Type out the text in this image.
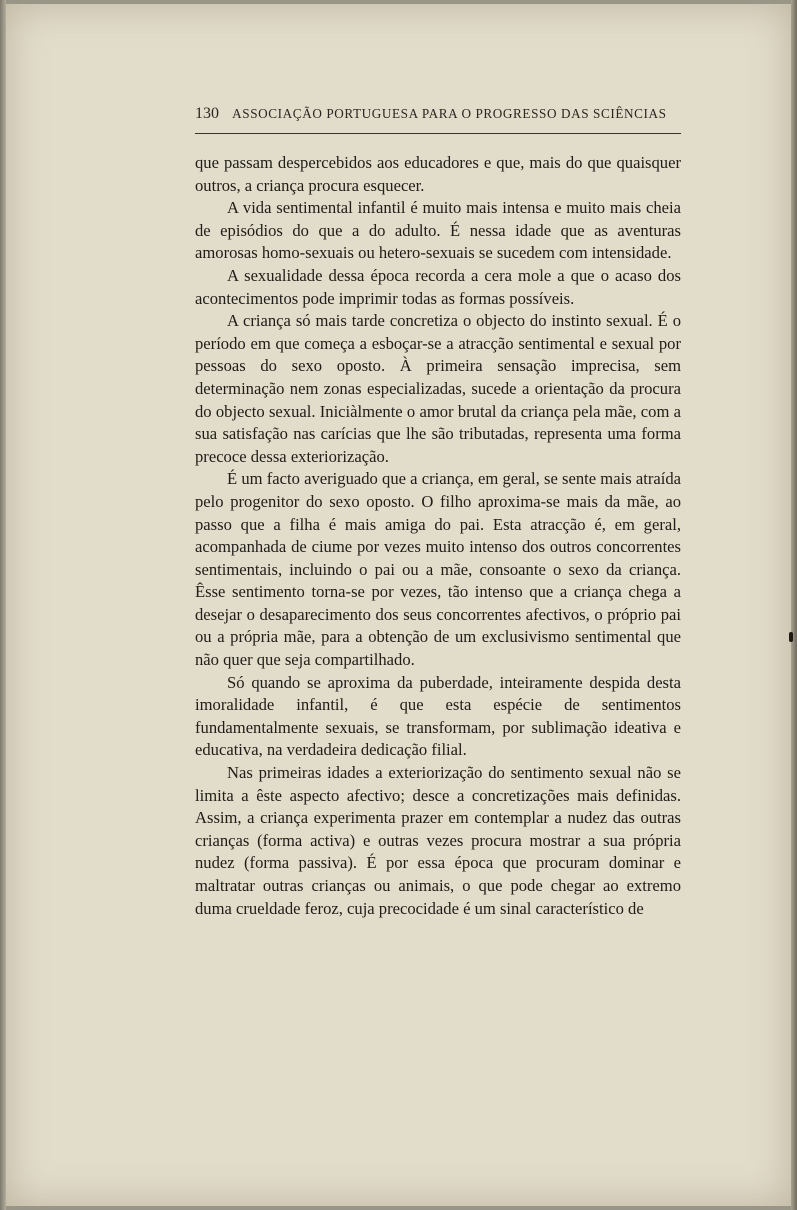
130 ASSOCIAÇÃO PORTUGUESA PARA O PROGRESSO DAS SCIÊNCIAS

que passam despercebidos aos educadores e que, mais do que quaisquer outros, a criança procura esquecer.

A vida sentimental infantil é muito mais intensa e muito mais cheia de episódios do que a do adulto. É nessa idade que as aventuras amorosas homo-sexuais ou hetero-sexuais se sucedem com intensidade.

A sexualidade dessa época recorda a cera mole a que o acaso dos acontecimentos pode imprimir todas as formas possíveis.

A criança só mais tarde concretiza o objecto do instinto sexual. É o período em que começa a esboçar-se a atracção sentimental e sexual por pessoas do sexo oposto. À primeira sensação imprecisa, sem determinação nem zonas especializadas, sucede a orientação da procura do objecto sexual. Iniciàlmente o amor brutal da criança pela mãe, com a sua satisfação nas carícias que lhe são tributadas, representa uma forma precoce dessa exteriorização.

É um facto averiguado que a criança, em geral, se sente mais atraída pelo progenitor do sexo oposto. O filho aproxima-se mais da mãe, ao passo que a filha é mais amiga do pai. Esta atracção é, em geral, acompanhada de ciume por vezes muito intenso dos outros concorrentes sentimentais, incluindo o pai ou a mãe, consoante o sexo da criança. Êsse sentimento torna-se por vezes, tão intenso que a criança chega a desejar o desaparecimento dos seus concorrentes afectivos, o próprio pai ou a própria mãe, para a obtenção de um exclusivismo sentimental que não quer que seja compartilhado.

Só quando se aproxima da puberdade, inteiramente despida desta imoralidade infantil, é que esta espécie de sentimentos fundamentalmente sexuais, se transformam, por sublimação ideativa e educativa, na verdadeira dedicação filial.

Nas primeiras idades a exteriorização do sentimento sexual não se limita a êste aspecto afectivo; desce a concretizações mais definidas. Assim, a criança experimenta prazer em contemplar a nudez das outras crianças (forma activa) e outras vezes procura mostrar a sua própria nudez (forma passiva). É por essa época que procuram dominar e maltratar outras crianças ou animais, o que pode chegar ao extremo duma crueldade feroz, cuja precocidade é um sinal característico de
